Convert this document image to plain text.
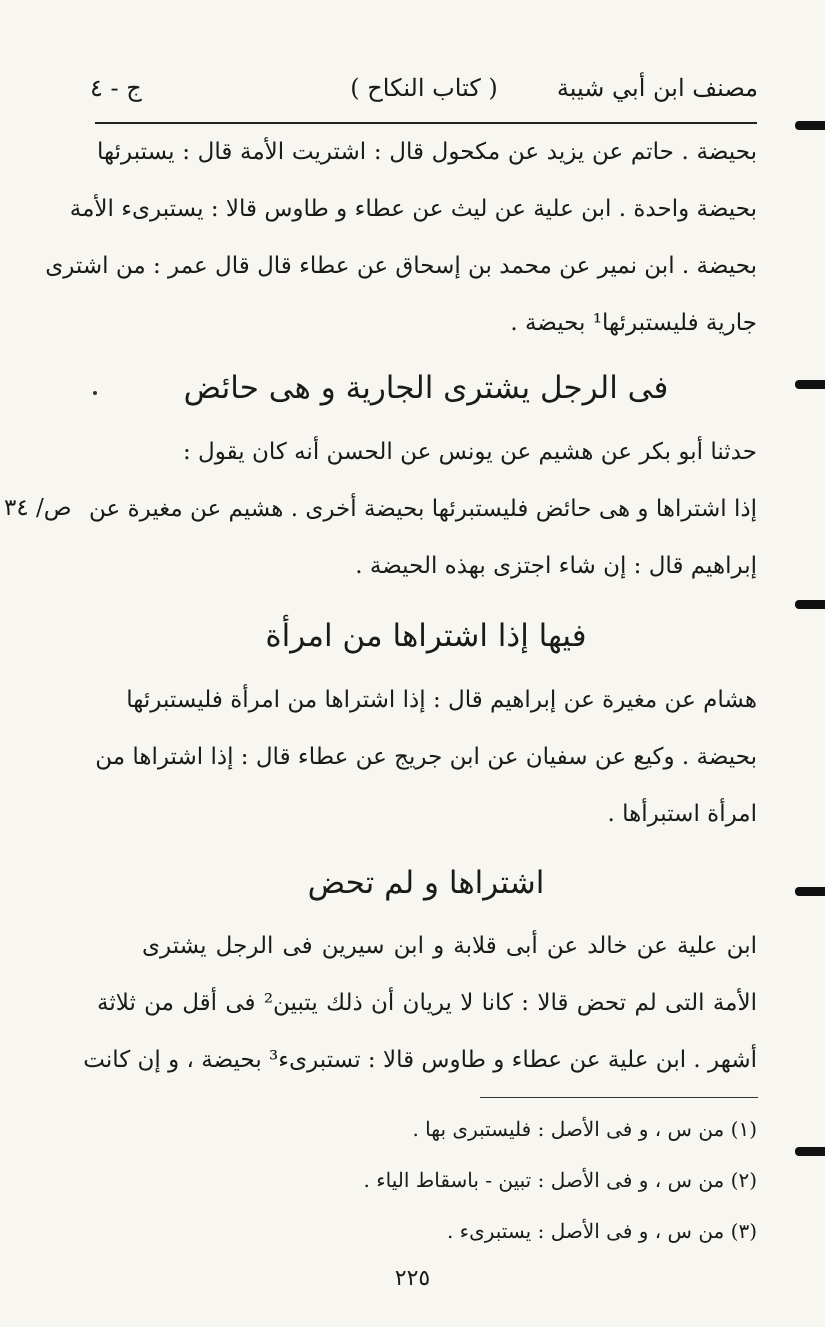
مصنف ابن أبي شيبة
( كتاب النكاح )
ج - ٤
بحيضة . حاتم عن يزيد عن مكحول قال : اشتريت الأمة قال : يستبرئها
بحيضة واحدة . ابن علية عن ليث عن عطاء و طاوس قالا : يستبرىء الأمة
بحيضة . ابن نمير عن محمد بن إسحاق عن عطاء قال قال عمر : من اشترى
جارية فليستبرئها¹ بحيضة .
فى الرجل يشترى الجارية و هى حائض
حدثنا أبو بكر عن هشيم عن يونس عن الحسن أنه كان يقول :
إذا اشتراها و هى حائض فليستبرئها بحيضة أخرى . هشيم عن مغيرة عن
إبراهيم قال : إن شاء اجتزى بهذه الحيضة .
ص/ ٣٤
فيها إذا اشتراها من امرأة
هشام عن مغيرة عن إبراهيم قال : إذا اشتراها من امرأة فليستبرئها
بحيضة . وكيع عن سفيان عن ابن جريج عن عطاء قال : إذا اشتراها من
امرأة استبرأها .
اشتراها و لم تحض
ابن علية عن خالد عن أبى قلابة و ابن سيرين فى الرجل يشترى
الأمة التى لم تحض قالا : كانا لا يريان أن ذلك يتبين² فى أقل من ثلاثة
أشهر . ابن علية عن عطاء و طاوس قالا : تستبرىء³ بحيضة ، و إن كانت
(١) من س ، و فى الأصل : فليستبرى بها .
(٢) من س ، و فى الأصل : تبين - باسقاط الياء .
(٣) من س ، و فى الأصل : يستبرىء .
٢٢٥
